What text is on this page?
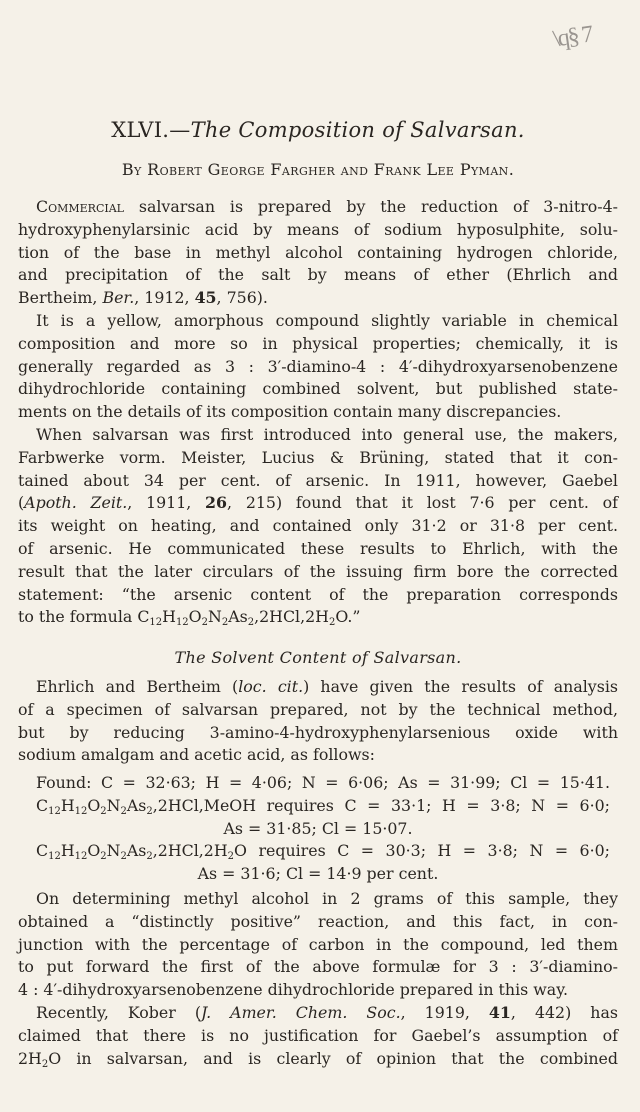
\q§ 7
XLVI.—The Composition of Salvarsan.
By Robert George Fargher and Frank Lee Pyman.
Commercial salvarsan is prepared by the reduction of 3-nitro-4-
hydroxyphenylarsinic acid by means of sodium hyposulphite, solu-
tion of the base in methyl alcohol containing hydrogen chloride,
and precipitation of the salt by means of ether (Ehrlich and
Bertheim, Ber., 1912, 45, 756).
It is a yellow, amorphous compound slightly variable in chemical
composition and more so in physical properties; chemically, it is
generally regarded as 3 : 3′-diamino-4 : 4′-dihydroxyarsenobenzene
dihydrochloride containing combined solvent, but published state-
ments on the details of its composition contain many discrepancies.
When salvarsan was first introduced into general use, the makers,
Farbwerke vorm. Meister, Lucius & Brüning, stated that it con-
tained about 34 per cent. of arsenic. In 1911, however, Gaebel
(Apoth. Zeit., 1911, 26, 215) found that it lost 7·6 per cent. of
its weight on heating, and contained only 31·2 or 31·8 per cent.
of arsenic. He communicated these results to Ehrlich, with the
result that the later circulars of the issuing firm bore the corrected
statement: “the arsenic content of the preparation corresponds
to the formula $C_{12}H_{12}O_2N_2As_2,2HCl,2H_2O$.”
The Solvent Content of Salvarsan.
Ehrlich and Bertheim (loc. cit.) have given the results of analysis
of a specimen of salvarsan prepared, not by the technical method,
but by reducing 3-amino-4-hydroxyphenylarsenious oxide with
sodium amalgam and acetic acid, as follows:
Found: C = 32·63; H = 4·06; N = 6·06; As = 31·99; Cl = 15·41.
$C_{12}H_{12}O_2N_2As_2,2HCl,MeOH$ requires C = 33·1; H = 3·8; N = 6·0;
As = 31·85; Cl = 15·07.
$C_{12}H_{12}O_2N_2As_2,2HCl,2H_2O$ requires C = 30·3; H = 3·8; N = 6·0;
As = 31·6; Cl = 14·9 per cent.
On determining methyl alcohol in 2 grams of this sample, they
obtained a “distinctly positive” reaction, and this fact, in con-
junction with the percentage of carbon in the compound, led them
to put forward the first of the above formulæ for 3 : 3′-diamino-
4 : 4′-dihydroxyarsenobenzene dihydrochloride prepared in this way.
Recently, Kober (J. Amer. Chem. Soc., 1919, 41, 442) has
claimed that there is no justification for Gaebel’s assumption of
$2H_2O$ in salvarsan, and is clearly of opinion that the combined
